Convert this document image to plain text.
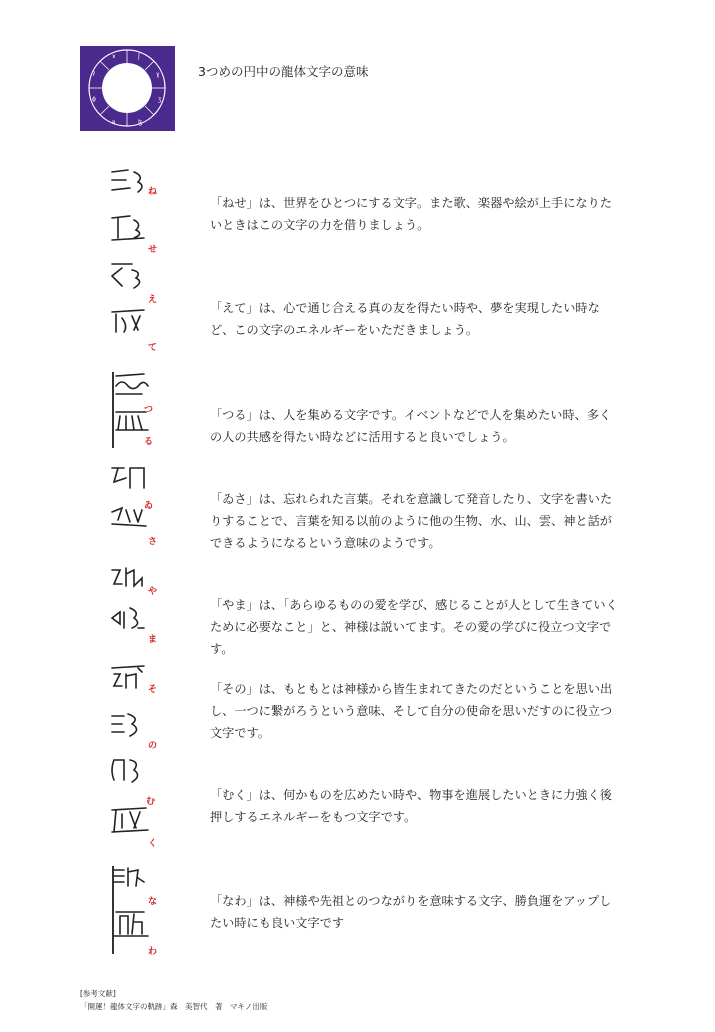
ɤ	ʃ
ɣ
ʒ
ɮ
ʀ
ɸ
ʔ	3つめの円中の龍体文字の意味
ね
せ
「ねせ」は、世界をひとつにする文字。また歌、楽器や絵が上手になりたいときはこの文字の力を借りましょう。
え
て
「えて」は、心で通じ合える真の友を得たい時や、夢を実現したい時など、この文字のエネルギーをいただきましょう。
つ
る
「つる」は、人を集める文字です。イベントなどで人を集めたい時、多くの人の共感を得たい時などに活用すると良いでしょう。
ゐ
さ
「ゐさ」は、忘れられた言葉。それを意識して発音したり、文字を書いたりすることで、言葉を知る以前のように他の生物、水、山、雲、神と話ができるようになるという意味のようです。
や
ま
「やま」は、「あらゆるものの愛を学び、感じることが人として生きていくために必要なこと」と、神様は説いてます。その愛の学びに役立つ文字です。
そ
の
「その」は、もともとは神様から皆生まれてきたのだということを思い出し、一つに繋がろうという意味、そして自分の使命を思いだすのに役立つ文字です。
む
く
「むく」は、何かものを広めたい時や、物事を進展したいときに力強く後押しするエネルギーをもつ文字です。
な
わ
「なわ」は、神様や先祖とのつながりを意味する文字、勝負運をアップしたい時にも良い文字です
[参考文献]
「開運！龍体文字の軌跡」森　美智代　著　マキノ出版
